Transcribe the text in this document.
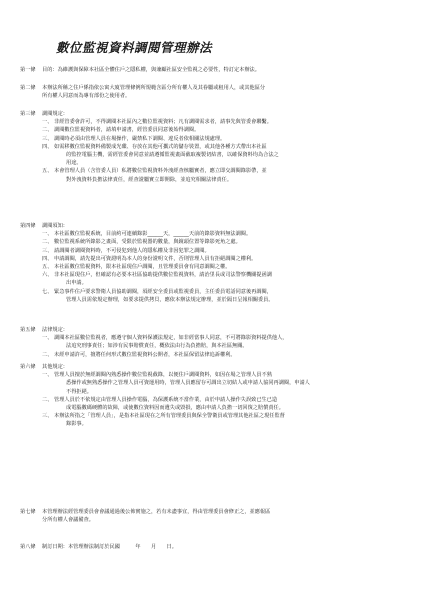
數位監視資料調閱管理辦法
第一條	目的：為維護與保障本社區全體住戶之隱私權，與兼顧社區安全監視之必要性，特訂定本辦法。
第二條	本辦法所稱之住戶係指依公寓大廈管理條例所規範含區分所有權人及其眷屬或租用人，或其他區分
所有權人同意而為專有部份之使用者。
第三條	調閱規定：
一、 非經管委會許可，不得調閱本社區內之數位監視資料；凡有調閱需求者，請事先與管委會聯繫。
二、 調閱數位監視資料者，請填申請書，經管委員同意後始得調閱。
三、 調閱時必須由管理人員在場操作，嚴禁私下調閱、違反者依相關法規處理。
四、 如需移數位監視資料備製成光碟、存放在其他可攜式的儲存裝置，或其他各種方式帶出本社區
的監控電腦主機，需經管委會同意並請遵循監視畫面截取複製切結書，以確保資料均為合法之
用途。
五、 本會管理人員（含管委人員）私將數位監視資料外洩經查核屬實者，應立即交調閱錄影帶，並
對外洩資料負擔法律責任，經查證屬實立即開除，並追究相關法律責任。
第四條	調閱須知：
一、 本社區數位監視系統，目前約可連續錄影______天，______天前的錄影資料無法調閱。
二、 數位監視系統所錄影之畫面，受限於監視器的數量，與鏡頭位置等錄影死角之處。
三、 請調閱者調閱資料時，不可侵犯到他人的隱私權及非因犯罪之調閱。
四、 申請調閱，請先提出可資證明為本人的身份證明文件，否則管理人員有拒絕調閱之權利。
五、 本社區數位監視資料，限本社區現住戶調閱，且管理委員會有同意調閱之權。
六、 非本社區現住戶，但確認有必要本社區協助提供數位監視資料，請治里長或司法警察機關提函調
出申請。
七、 緊急事件住戶要求警衛人員協助調閱，須經安全委員或監視委員，主任委員電話同意後再調閱，
管理人員需依規定辦理，如要求提供拷貝，應依本辦法規定辦理，並於隔日呈報相關委員。
第五條	法律規定：
一、 調閱本社區數位監視者，應遵守個人資料保護法規定，如非經當事人同意，不可將錄影資料提供他人，
法追究刑事責任；如涉有民事賠償責任，概依法由行為負擔賠，與本社區無關。
二、 未經申請許可，擅將任何形式數位監視資料公開者，本社區保留法律追訴權利。
第六條	其他規定：
一、 管理人員擅於無經調閱內熟悉操作數位監視截錄，以便住戶調閱資料，如因在場之管理人員不熟
悉操作或無熟悉操作之管理人員可資運用時，管理人員應留存可調出立切結人或申請人協同再調閱，申請人
不得拒絕。
二、 管理人員於不依規定由管理人員操作電腦，為保護系統不當作業，由於申請人操作失誤致已生已造
成電腦數碼硬體的故障，或使數位資料因而遺失或毀損，應由申請人負擔一切回復之賠償責任。
三、 本辦法所指之「管理人員」，是指本社區現在之所有管理委員與保全警衛員或管理其他社區之現任監督
錄影事。
第七條	本管理辦法經管理委員會會議通過後公佈實施之，若有未盡事宜，得由管理委員會修正之，並應報區
分所有權人會議備查。
第八條	制訂日期：本管理辦法制訂於民國　　　年　　月　　日。
